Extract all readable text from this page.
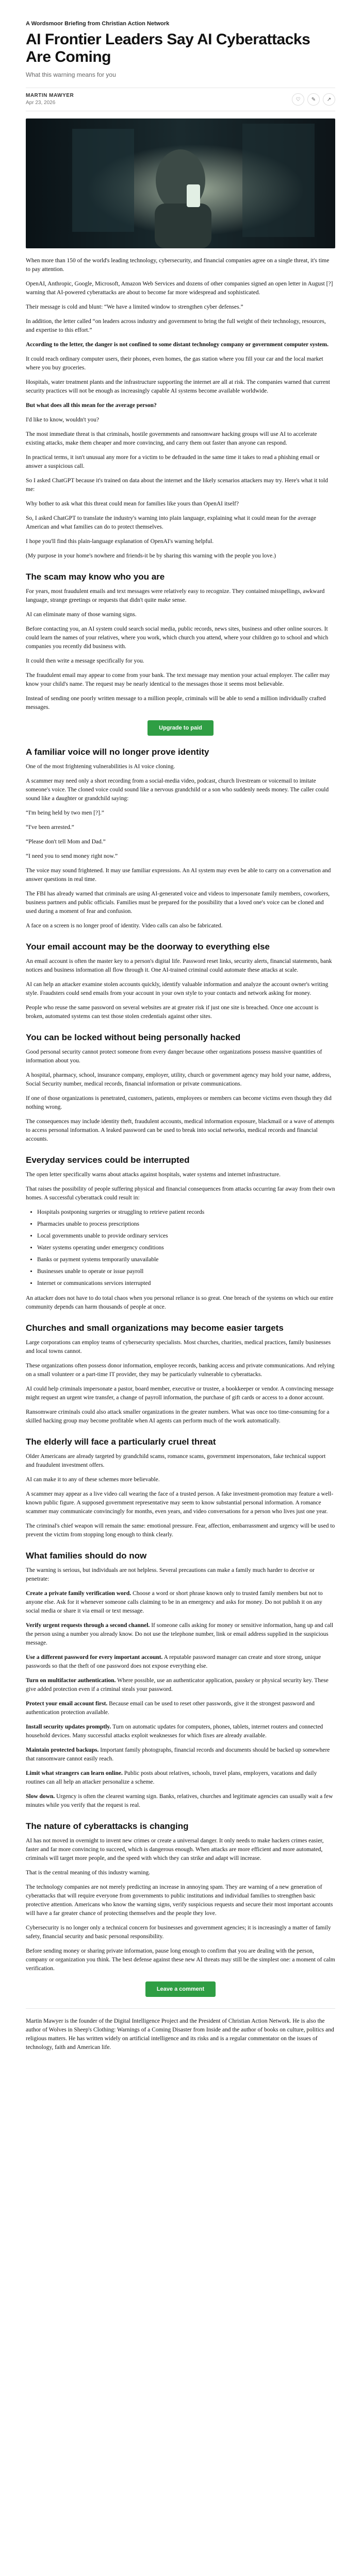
A Wordsmoor Briefing from Christian Action Network
AI Frontier Leaders Say AI Cyberattacks Are Coming
What this warning means for you
MARTIN MAWYER
Apr 23, 2026
♡	✎	↗

When more than 150 of the world's leading technology, cybersecurity, and financial companies agree on a single threat, it's time to pay attention.

OpenAI, Anthropic, Google, Microsoft, Amazon Web Services and dozens of other companies signed an open letter in August [?] warning that AI-powered cyberattacks are about to become far more widespread and sophisticated.

Their message is cold and blunt: “We have a limited window to strengthen cyber defenses.”

In addition, the letter called “on leaders across industry and government to bring the full weight of their technology, resources, and expertise to this effort.”

According to the letter, the danger is not confined to some distant technology company or government computer system.

It could reach ordinary computer users, their phones, even homes, the gas station where you fill your car and the local market where you buy groceries.

Hospitals, water treatment plants and the infrastructure supporting the internet are all at risk. The companies warned that current security practices will not be enough as increasingly capable AI systems become available worldwide.

But what does all this mean for the average person?

I'd like to know, wouldn't you?

The most immediate threat is that criminals, hostile governments and ransomware hacking groups will use AI to accelerate existing attacks, make them cheaper and more convincing, and carry them out faster than anyone can respond.

In practical terms, it isn't unusual any more for a victim to be defrauded in the same time it takes to read a phishing email or answer a suspicious call.

So I asked ChatGPT because it's trained on data about the internet and the likely scenarios attackers may try. Here's what it told me:

Why bother to ask what this threat could mean for families like yours than OpenAI itself?

So, I asked ChatGPT to translate the industry's warning into plain language, explaining what it could mean for the average American and what families can do to protect themselves.

I hope you'll find this plain-language explanation of OpenAI's warning helpful.

(My purpose in your home's nowhere and friends-it be by sharing this warning with the people you love.)

The scam may know who you are

For years, most fraudulent emails and text messages were relatively easy to recognize. They contained misspellings, awkward language, strange greetings or requests that didn't quite make sense.

AI can eliminate many of those warning signs.

Before contacting you, an AI system could search social media, public records, news sites, business and other online sources. It could learn the names of your relatives, where you work, which church you attend, where your children go to school and which companies you recently did business with.

It could then write a message specifically for you.

The fraudulent email may appear to come from your bank. The text message may mention your actual employer. The caller may know your child's name. The request may be nearly identical to the messages those it seems most believable.

Instead of sending one poorly written message to a million people, criminals will be able to send a million individually crafted messages.

Upgrade to paid
A familiar voice will no longer prove identity

One of the most frightening vulnerabilities is AI voice cloning.

A scammer may need only a short recording from a social-media video, podcast, church livestream or voicemail to imitate someone's voice. The cloned voice could sound like a nervous grandchild or a son who suddenly needs money. The caller could sound like a daughter or grandchild saying:

“I'm being held by two men [?].”

“I've been arrested.”

“Please don't tell Mom and Dad.”

“I need you to send money right now.”

The voice may sound frightened. It may use familiar expressions. An AI system may even be able to carry on a conversation and answer questions in real time.

The FBI has already warned that criminals are using AI-generated voice and videos to impersonate family members, coworkers, business partners and public officials. Families must be prepared for the possibility that a loved one's voice can be cloned and used during a moment of fear and confusion.

A face on a screen is no longer proof of identity. Video calls can also be fabricated.

Your email account may be the doorway to everything else

An email account is often the master key to a person's digital life. Password reset links, security alerts, financial statements, bank notices and business information all flow through it. One AI-trained criminal could automate these attacks at scale.

AI can help an attacker examine stolen accounts quickly, identify valuable information and analyze the account owner's writing style. Fraudsters could send emails from your account in your own style to your contacts and network asking for money.

People who reuse the same password on several websites are at greater risk if just one site is breached. Once one account is broken, automated systems can test those stolen credentials against other sites.

You can be locked without being personally hacked

Good personal security cannot protect someone from every danger because other organizations possess massive quantities of information about you.

A hospital, pharmacy, school, insurance company, employer, utility, church or government agency may hold your name, address, Social Security number, medical records, financial information or private communications.

If one of those organizations is penetrated, customers, patients, employees or members can become victims even though they did nothing wrong.

The consequences may include identity theft, fraudulent accounts, medical information exposure, blackmail or a wave of attempts to access personal information. A leaked password can be used to break into social networks, medical records and financial accounts.

Everyday services could be interrupted

The open letter specifically warns about attacks against hospitals, water systems and internet infrastructure.

That raises the possibility of people suffering physical and financial consequences from attacks occurring far away from their own homes. A successful cyberattack could result in:

• Hospitals postponing surgeries or struggling to retrieve patient records
• Pharmacies unable to process prescriptions
• Local governments unable to provide ordinary services
• Water systems operating under emergency conditions
• Banks or payment systems temporarily unavailable
• Businesses unable to operate or issue payroll
• Internet or communications services interrupted

An attacker does not have to do total chaos when you personal reliance is so great. One breach of the systems on which our entire community depends can harm thousands of people at once.

Churches and small organizations may become easier targets

Large corporations can employ teams of cybersecurity specialists. Most churches, charities, medical practices, family businesses and local towns cannot.

These organizations often possess donor information, employee records, banking access and private communications. And relying on a small volunteer or a part-time IT provider, they may be particularly vulnerable to cyberattacks.

AI could help criminals impersonate a pastor, board member, executive or trustee, a bookkeeper or vendor. A convincing message might request an urgent wire transfer, a change of payroll information, the purchase of gift cards or access to a donor account.

Ransomware criminals could also attack smaller organizations in the greater numbers. What was once too time-consuming for a skilled hacking group may become profitable when AI agents can perform much of the work automatically.

The elderly will face a particularly cruel threat

Older Americans are already targeted by grandchild scams, romance scams, government impersonators, fake technical support and fraudulent investment offers.

AI can make it to any of these schemes more believable.

A scammer may appear as a live video call wearing the face of a trusted person. A fake investment-promotion may feature a well-known public figure. A supposed government representative may seem to know substantial personal information. A romance scammer may communicate convincingly for months, even years, and video conversations for a person who lives just one year.

The criminal's chief weapon will remain the same: emotional pressure. Fear, affection, embarrassment and urgency will be used to prevent the victim from stopping long enough to think clearly.

What families should do now

The warning is serious, but individuals are not helpless. Several precautions can make a family much harder to deceive or penetrate:

Create a private family verification word. Choose a word or short phrase known only to trusted family members but not to anyone else. Ask for it whenever someone calls claiming to be in an emergency and asks for money. Do not publish it on any social media or share it via email or text message.

Verify urgent requests through a second channel. If someone calls asking for money or sensitive information, hang up and call the person using a number you already know. Do not use the telephone number, link or email address supplied in the suspicious message.

Use a different password for every important account. A reputable password manager can create and store strong, unique passwords so that the theft of one password does not expose everything else.

Turn on multifactor authentication. Where possible, use an authenticator application, passkey or physical security key. These give added protection even if a criminal steals your password.

Protect your email account first. Because email can be used to reset other passwords, give it the strongest password and authentication protection available.

Install security updates promptly. Turn on automatic updates for computers, phones, tablets, internet routers and connected household devices. Many successful attacks exploit weaknesses for which fixes are already available.

Maintain protected backups. Important family photographs, financial records and documents should be backed up somewhere that ransomware cannot easily reach.

Limit what strangers can learn online. Public posts about relatives, schools, travel plans, employers, vacations and daily routines can all help an attacker personalize a scheme.

Slow down. Urgency is often the clearest warning sign. Banks, relatives, churches and legitimate agencies can usually wait a few minutes while you verify that the request is real.

The nature of cyberattacks is changing

AI has not moved in overnight to invent new crimes or create a universal danger. It only needs to make hackers crimes easier, faster and far more convincing to succeed, which is dangerous enough. When attacks are more efficient and more automated, criminals will target more people, and the speed with which they can strike and adapt will increase.

That is the central meaning of this industry warning.

The technology companies are not merely predicting an increase in annoying spam. They are warning of a new generation of cyberattacks that will require everyone from governments to public institutions and individual families to strengthen basic protective attention. Americans who know the warning signs, verify suspicious requests and secure their most important accounts will have a far greater chance of protecting themselves and the people they love.

Cybersecurity is no longer only a technical concern for businesses and government agencies; it is increasingly a matter of family safety, financial security and basic personal responsibility.

Before sending money or sharing private information, pause long enough to confirm that you are dealing with the person, company or organization you think. The best defense against these new AI threats may still be the simplest one: a moment of calm verification.

Leave a comment

Martin Mawyer is the founder of the Digital Intelligence Project and the President of Christian Action Network. He is also the author of Wolves in Sheep's Clothing: Warnings of a Coming Disaster from Inside and the author of books on culture, politics and religious matters. He has written widely on artificial intelligence and its risks and is a regular commentator on the issues of technology, faith and American life.
